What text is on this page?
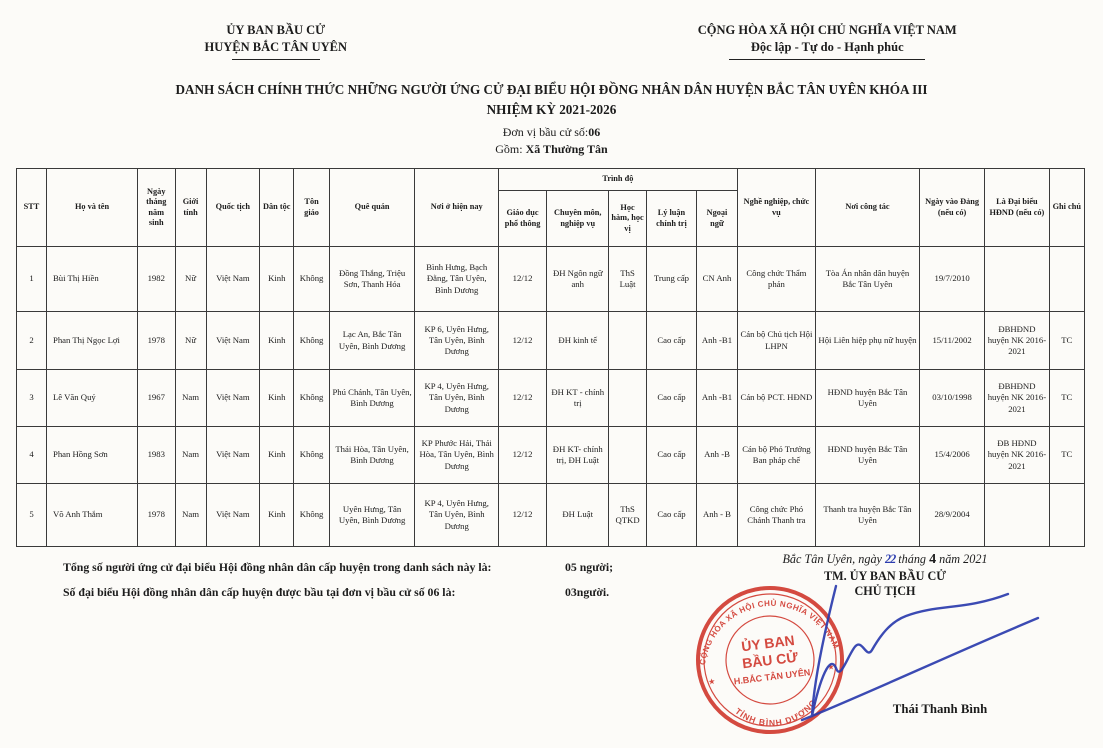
ỦY BAN BẦU CỬ
HUYỆN BẮC TÂN UYÊN
CỘNG HÒA XÃ HỘI CHỦ NGHĨA VIỆT NAM
Độc lập - Tự do - Hạnh phúc
DANH SÁCH CHÍNH THỨC NHỮNG NGƯỜI ỨNG CỬ ĐẠI BIỂU HỘI ĐỒNG NHÂN DÂN HUYỆN BẮC TÂN UYÊN KHÓA III
NHIỆM KỲ 2021-2026
Đơn vị bầu cử số:06
Gồm: Xã Thường Tân
STT	Họ và tên	Ngày tháng năm sinh	Giới tính	Quốc tịch	Dân tộc	Tôn giáo	Quê quán	Nơi ở hiện nay	Trình độ					Nghề nghiệp, chức vụ	Nơi công tác	Ngày vào Đảng (nếu có)	Là Đại biểu HĐND (nếu có)	Ghi chú
									Giáo dục phổ thông	Chuyên môn, nghiệp vụ	Học hàm, học vị	Lý luận chính trị	Ngoại ngữ					
1	Bùi Thị Hiền	1982	Nữ	Việt Nam	Kinh	Không	Đồng Thắng, Triệu Sơn, Thanh Hóa	Bình Hưng, Bạch Đằng, Tân Uyên, Bình Dương	12/12	ĐH Ngôn ngữ anh	ThS Luật	Trung cấp	CN Anh	Công chức Thẩm phán	Tòa Án nhân dân huyện Bắc Tân Uyên	19/7/2010		
2	Phan Thị Ngọc Lợi	1978	Nữ	Việt Nam	Kinh	Không	Lạc An, Bắc Tân Uyên, Bình Dương	KP 6, Uyên Hưng, Tân Uyên, Bình Dương	12/12	ĐH kinh tế		Cao cấp	Anh -B1	Cán bộ Chủ tịch Hội LHPN	Hội Liên hiệp phụ nữ huyện	15/11/2002	ĐBHĐND huyện NK 2016-2021	TC
3	Lê Văn Quý	1967	Nam	Việt Nam	Kinh	Không	Phú Chánh, Tân Uyên, Bình Dương	KP 4, Uyên Hưng, Tân Uyên, Bình Dương	12/12	ĐH KT - chính trị		Cao cấp	Anh -B1	Cán bộ PCT. HĐND	HĐND huyện Bắc Tân Uyên	03/10/1998	ĐBHĐND huyện NK 2016-2021	TC
4	Phan Hồng Sơn	1983	Nam	Việt Nam	Kinh	Không	Thái Hòa, Tân Uyên, Bình Dương	KP Phước Hải, Thái Hòa, Tân Uyên, Bình Dương	12/12	ĐH KT- chính trị, ĐH Luật		Cao cấp	Anh -B	Cán bộ Phó Trưởng Ban pháp chế	HĐND huyện Bắc Tân Uyên	15/4/2006	ĐB HĐND huyện NK 2016- 2021	TC
5	Võ Anh Thắm	1978	Nam	Việt Nam	Kinh	Không	Uyên Hưng, Tân Uyên, Bình Dương	KP 4, Uyên Hưng, Tân Uyên, Bình Dương	12/12	ĐH Luật	ThS QTKD	Cao cấp	Anh - B	Công chức Phó Chánh Thanh tra	Thanh tra huyện Bắc Tân Uyên	28/9/2004		
Tổng số người ứng cử đại biểu Hội đồng nhân dân cấp huyện trong danh sách này là:	05 người;
Số đại biểu Hội đồng nhân dân cấp huyện được bầu tại đơn vị bầu cử số 06 là:	03người.
Bắc Tân Uyên, ngày 22 tháng 4 năm 2021
TM. ỦY BAN BẦU CỬ
CHỦ TỊCH
CỘNG HÒA XÃ HỘI CHỦ NGHĨA VIỆT NAM
TỈNH BÌNH DƯƠNG
★
★
ỦY BAN
BẦU CỬ
H.BẮC TÂN UYÊN
Thái Thanh Bình
